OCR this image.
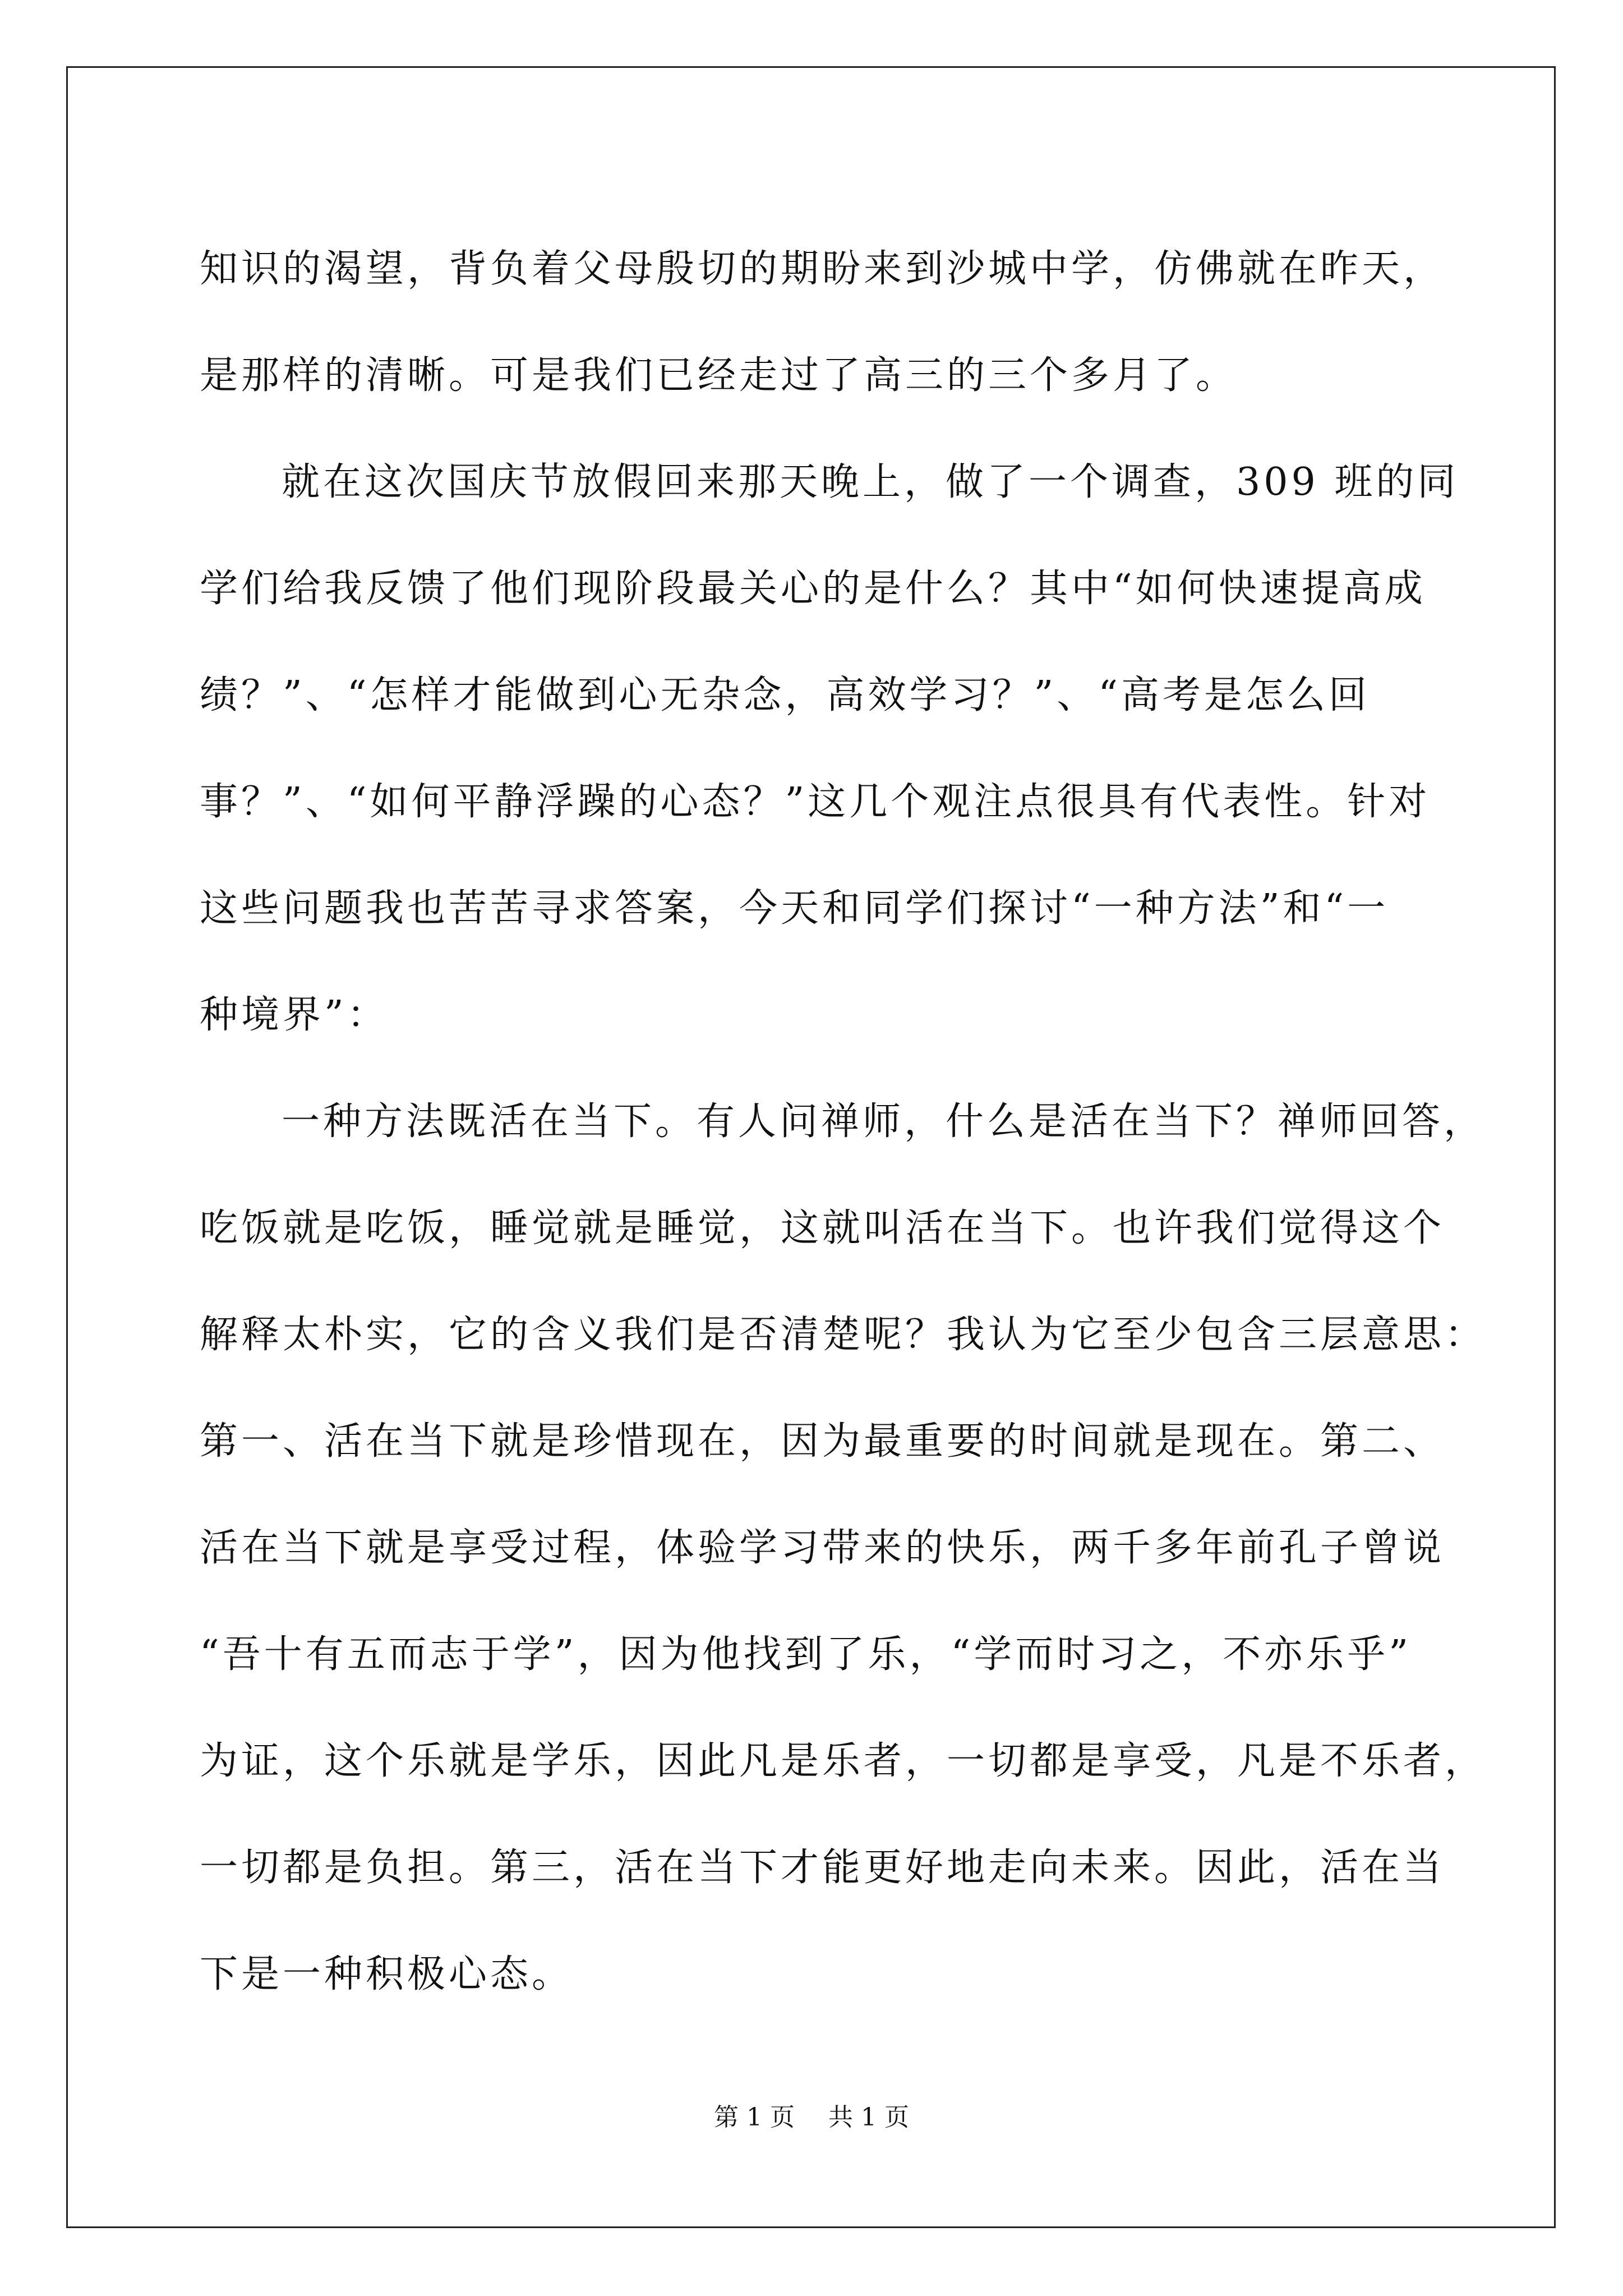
知识的渴望，背负着父母殷切的期盼来到沙城中学，仿佛就在昨天，
是那样的清晰。可是我们已经走过了高三的三个多月了。
就在这次国庆节放假回来那天晚上，做了一个调查，309 班的同
学们给我反馈了他们现阶段最关心的是什么？其中“如何快速提高成
绩？”、“怎样才能做到心无杂念，高效学习？”、“高考是怎么回
事？”、“如何平静浮躁的心态？”这几个观注点很具有代表性。针对
这些问题我也苦苦寻求答案，今天和同学们探讨“一种方法”和“一
种境界”：
一种方法既活在当下。有人问禅师，什么是活在当下？禅师回答，
吃饭就是吃饭，睡觉就是睡觉，这就叫活在当下。也许我们觉得这个
解释太朴实，它的含义我们是否清楚呢？我认为它至少包含三层意思：
第一、活在当下就是珍惜现在，因为最重要的时间就是现在。第二、
活在当下就是享受过程，体验学习带来的快乐，两千多年前孔子曾说
“吾十有五而志于学”，因为他找到了乐，“学而时习之，不亦乐乎”
为证，这个乐就是学乐，因此凡是乐者，一切都是享受，凡是不乐者，
一切都是负担。第三，活在当下才能更好地走向未来。因此，活在当
下是一种积极心态。
第 1 页 共 1 页
